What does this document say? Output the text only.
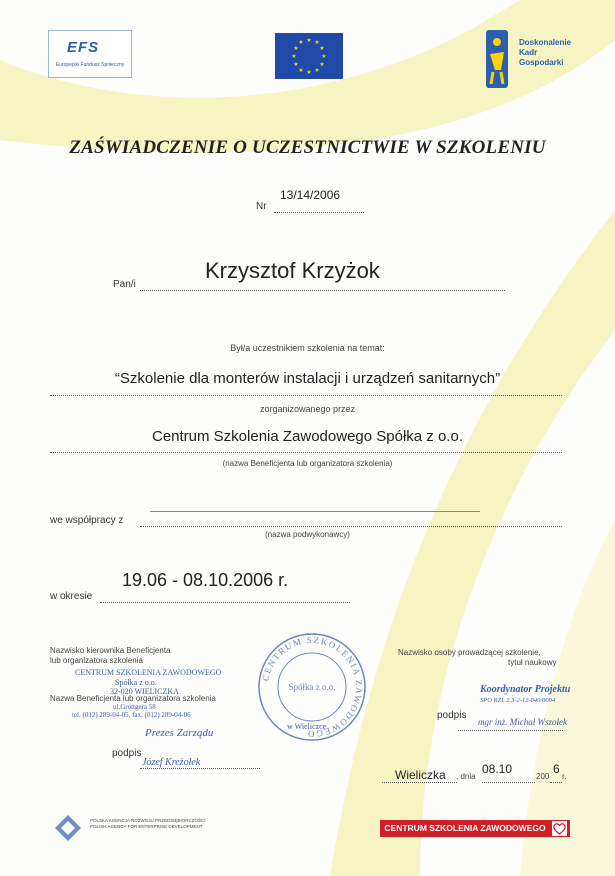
EFS
Europejski Fundusz Społeczny
★ ★
★
★
★
★
★
★
★
★
★
★	Doskonalenie
Kadr
Gospodarki
ZAŚWIADCZENIE O UCZESTNICTWIE W SZKOLENIU
13/14/2006
Nr
Krzysztof Krzyżok
Pan/i
Był/a uczestnikiem szkolenia na temat:
“Szkolenie dla monterów instalacji i urządzeń sanitarnych”
zorganizowanego przez
Centrum Szkolenia Zawodowego Spółka z o.o.
(nazwa Beneficjenta lub organizatora szkolenia)
we współpracy z
(nazwa podwykonawcy)
19.06 - 08.10.2006 r.
w okresie
Nazwisko kierownika Beneficjenta
lub organizatora szkolenia
CENTRUM SZKOLENIA ZAWODOWEGO
Spółka z o.o.
32-020 WIELICZKA
Nazwa Beneficjenta lub organizatora szkolenia
ul.Grottgera 58
tel. (012) 289-04-05, fax. (012) 289-04-06
Prezes Zarządu
podpis
Józef Kreżołek
CENTRUM SZKOLENIA ZAWODOWEGO
Spółka z o.o.
w Wieliczce
Nazwisko osoby prowadzącej szkolenie,
tytuł naukowy
Koordynator Projektu
SPO RZL 2.3-2-12-040/0094
podpis
mgr inż. Michał Wszołek
Wieliczka , dnia
08.10
200
6
r.
POLSKA AGENCJA ROZWOJU PRZEDSIĘBIORCZOŚCI
POLISH AGENCY FOR ENTERPRISE DEVELOPMENT	CENTRUM SZKOLENIA ZAWODOWEGO
